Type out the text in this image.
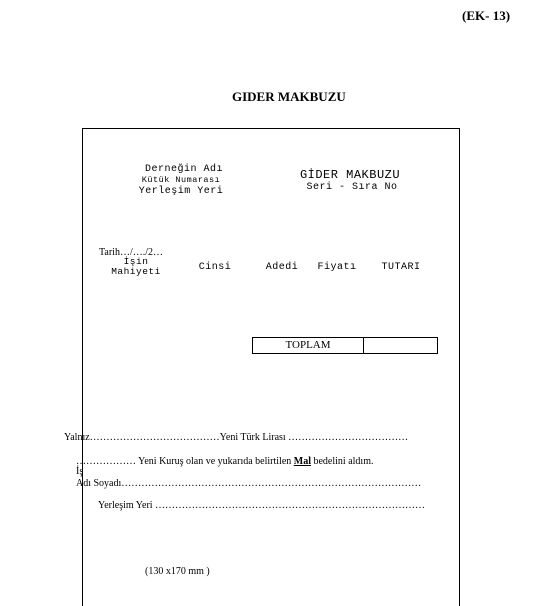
(EK- 13)
GIDER MAKBUZU
Derneğin Adı
Kütük Numarası
Yerleşim Yeri
GİDER MAKBUZU
Seri - Sıra No
Tarih…/…./2…
İşin
Mahiyeti	Cinsi	Adedi Fiyatı TUTARI
TOPLAM
Yalnız…………………………………Yeni Türk Lirası ………………………………
……………… Yeni Kuruş olan ve yukarıda belirtilen Mal bedelini aldım.
İş
Adı Soyadı………………………………………………………………………………
Yerleşim Yeri ………………………………………………………………………
(130 x170 mm )
